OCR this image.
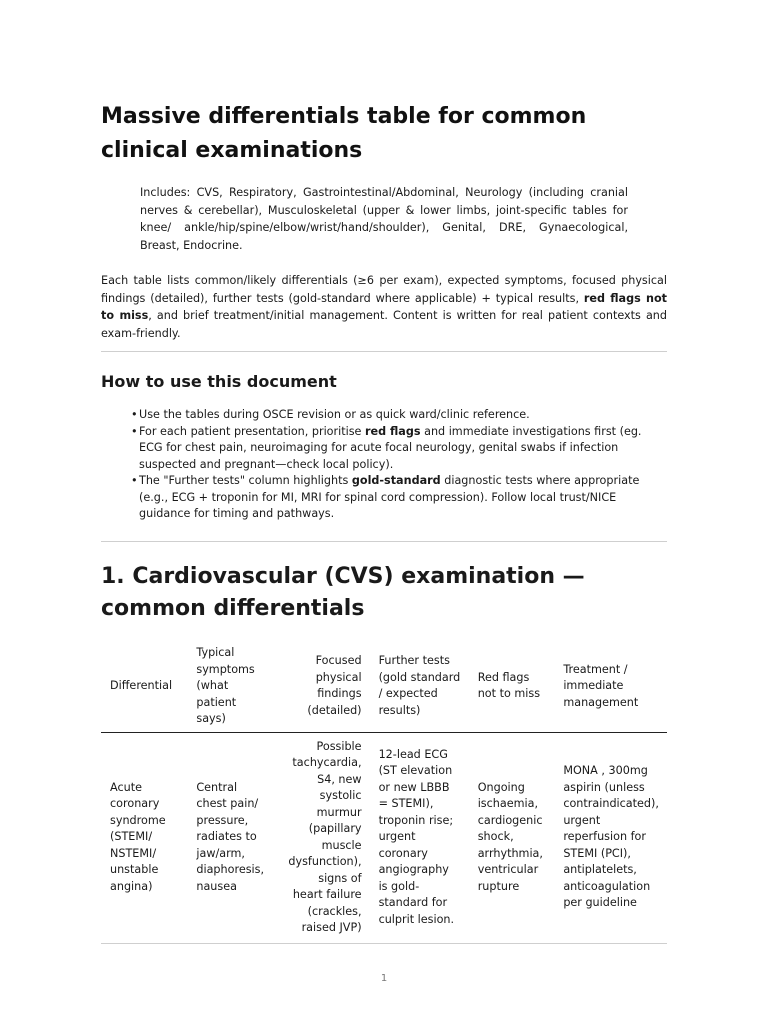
Massive differentials table for common clinical examinations

Includes: CVS, Respiratory, Gastrointestinal/Abdominal, Neurology (including cranial nerves & cerebellar), Musculoskeletal (upper & lower limbs, joint-specific tables for knee/ ankle/hip/spine/elbow/wrist/hand/shoulder), Genital, DRE, Gynaecological, Breast, Endocrine.

Each table lists common/likely differentials (≥6 per exam), expected symptoms, focused physical findings (detailed), further tests (gold-standard where applicable) + typical results, red flags not to miss, and brief treatment/initial management. Content is written for real patient contexts and exam-friendly.

How to use this document
• Use the tables during OSCE revision or as quick ward/clinic reference.
• For each patient presentation, prioritise red flags and immediate investigations first (eg. ECG for chest pain, neuroimaging for acute focal neurology, genital swabs if infection suspected and pregnant—check local policy).
• The "Further tests" column highlights gold-standard diagnostic tests where appropriate (e.g., ECG + troponin for MI, MRI for spinal cord compression). Follow local trust/NICE guidance for timing and pathways.
1. Cardiovascular (CVS) examination — common differentials
Differential	Typical symptoms (what patient says)	Focused physical findings (detailed)	Further tests (gold standard / expected results)	Red flags not to miss	Treatment / immediate management
Acute coronary syndrome (STEMI/ NSTEMI/ unstable angina)	Central chest pain/ pressure, radiates to jaw/arm, diaphoresis, nausea	Possible tachycardia, S4, new systolic murmur (papillary muscle dysfunction), signs of heart failure (crackles, raised JVP)	12-lead ECG (ST elevation or new LBBB = STEMI), troponin rise; urgent coronary angiography is gold-standard for culprit lesion.	Ongoing ischaemia, cardiogenic shock, arrhythmia, ventricular rupture	MONA , 300mg aspirin (unless contraindicated), urgent reperfusion for STEMI (PCI), antiplatelets, anticoagulation per guideline
1
